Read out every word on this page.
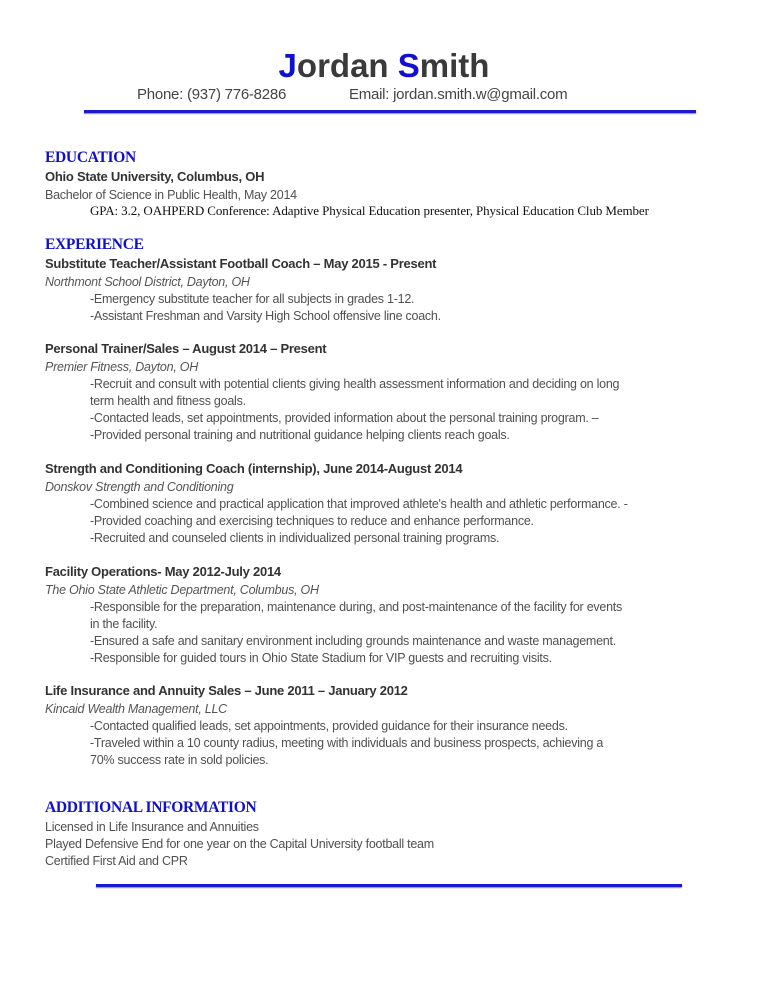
Jordan Smith
Phone: (937) 776-8286	Email: jordan.smith.w@gmail.com
EDUCATION
Ohio State University, Columbus, OH
Bachelor of Science in Public Health, May 2014
GPA: 3.2, OAHPERD Conference: Adaptive Physical Education presenter, Physical Education Club Member
EXPERIENCE
Substitute Teacher/Assistant Football Coach – May 2015 - Present
Northmont School District, Dayton, OH
-Emergency substitute teacher for all subjects in grades 1-12.
-Assistant Freshman and Varsity High School offensive line coach.
Personal Trainer/Sales – August 2014 – Present
Premier Fitness, Dayton, OH
-Recruit and consult with potential clients giving health assessment information and deciding on long
term health and fitness goals.
-Contacted leads, set appointments, provided information about the personal training program. –
-Provided personal training and nutritional guidance helping clients reach goals.
Strength and Conditioning Coach (internship), June 2014-August 2014
Donskov Strength and Conditioning
-Combined science and practical application that improved athlete's health and athletic performance. -
-Provided coaching and exercising techniques to reduce and enhance performance.
-Recruited and counseled clients in individualized personal training programs.
Facility Operations- May 2012-July 2014
The Ohio State Athletic Department, Columbus, OH
-Responsible for the preparation, maintenance during, and post-maintenance of the facility for events
in the facility.
-Ensured a safe and sanitary environment including grounds maintenance and waste management.
-Responsible for guided tours in Ohio State Stadium for VIP guests and recruiting visits.
Life Insurance and Annuity Sales – June 2011 – January 2012
Kincaid Wealth Management, LLC
-Contacted qualified leads, set appointments, provided guidance for their insurance needs.
-Traveled within a 10 county radius, meeting with individuals and business prospects, achieving a
70% success rate in sold policies.
ADDITIONAL INFORMATION
Licensed in Life Insurance and Annuities
Played Defensive End for one year on the Capital University football team
Certified First Aid and CPR
